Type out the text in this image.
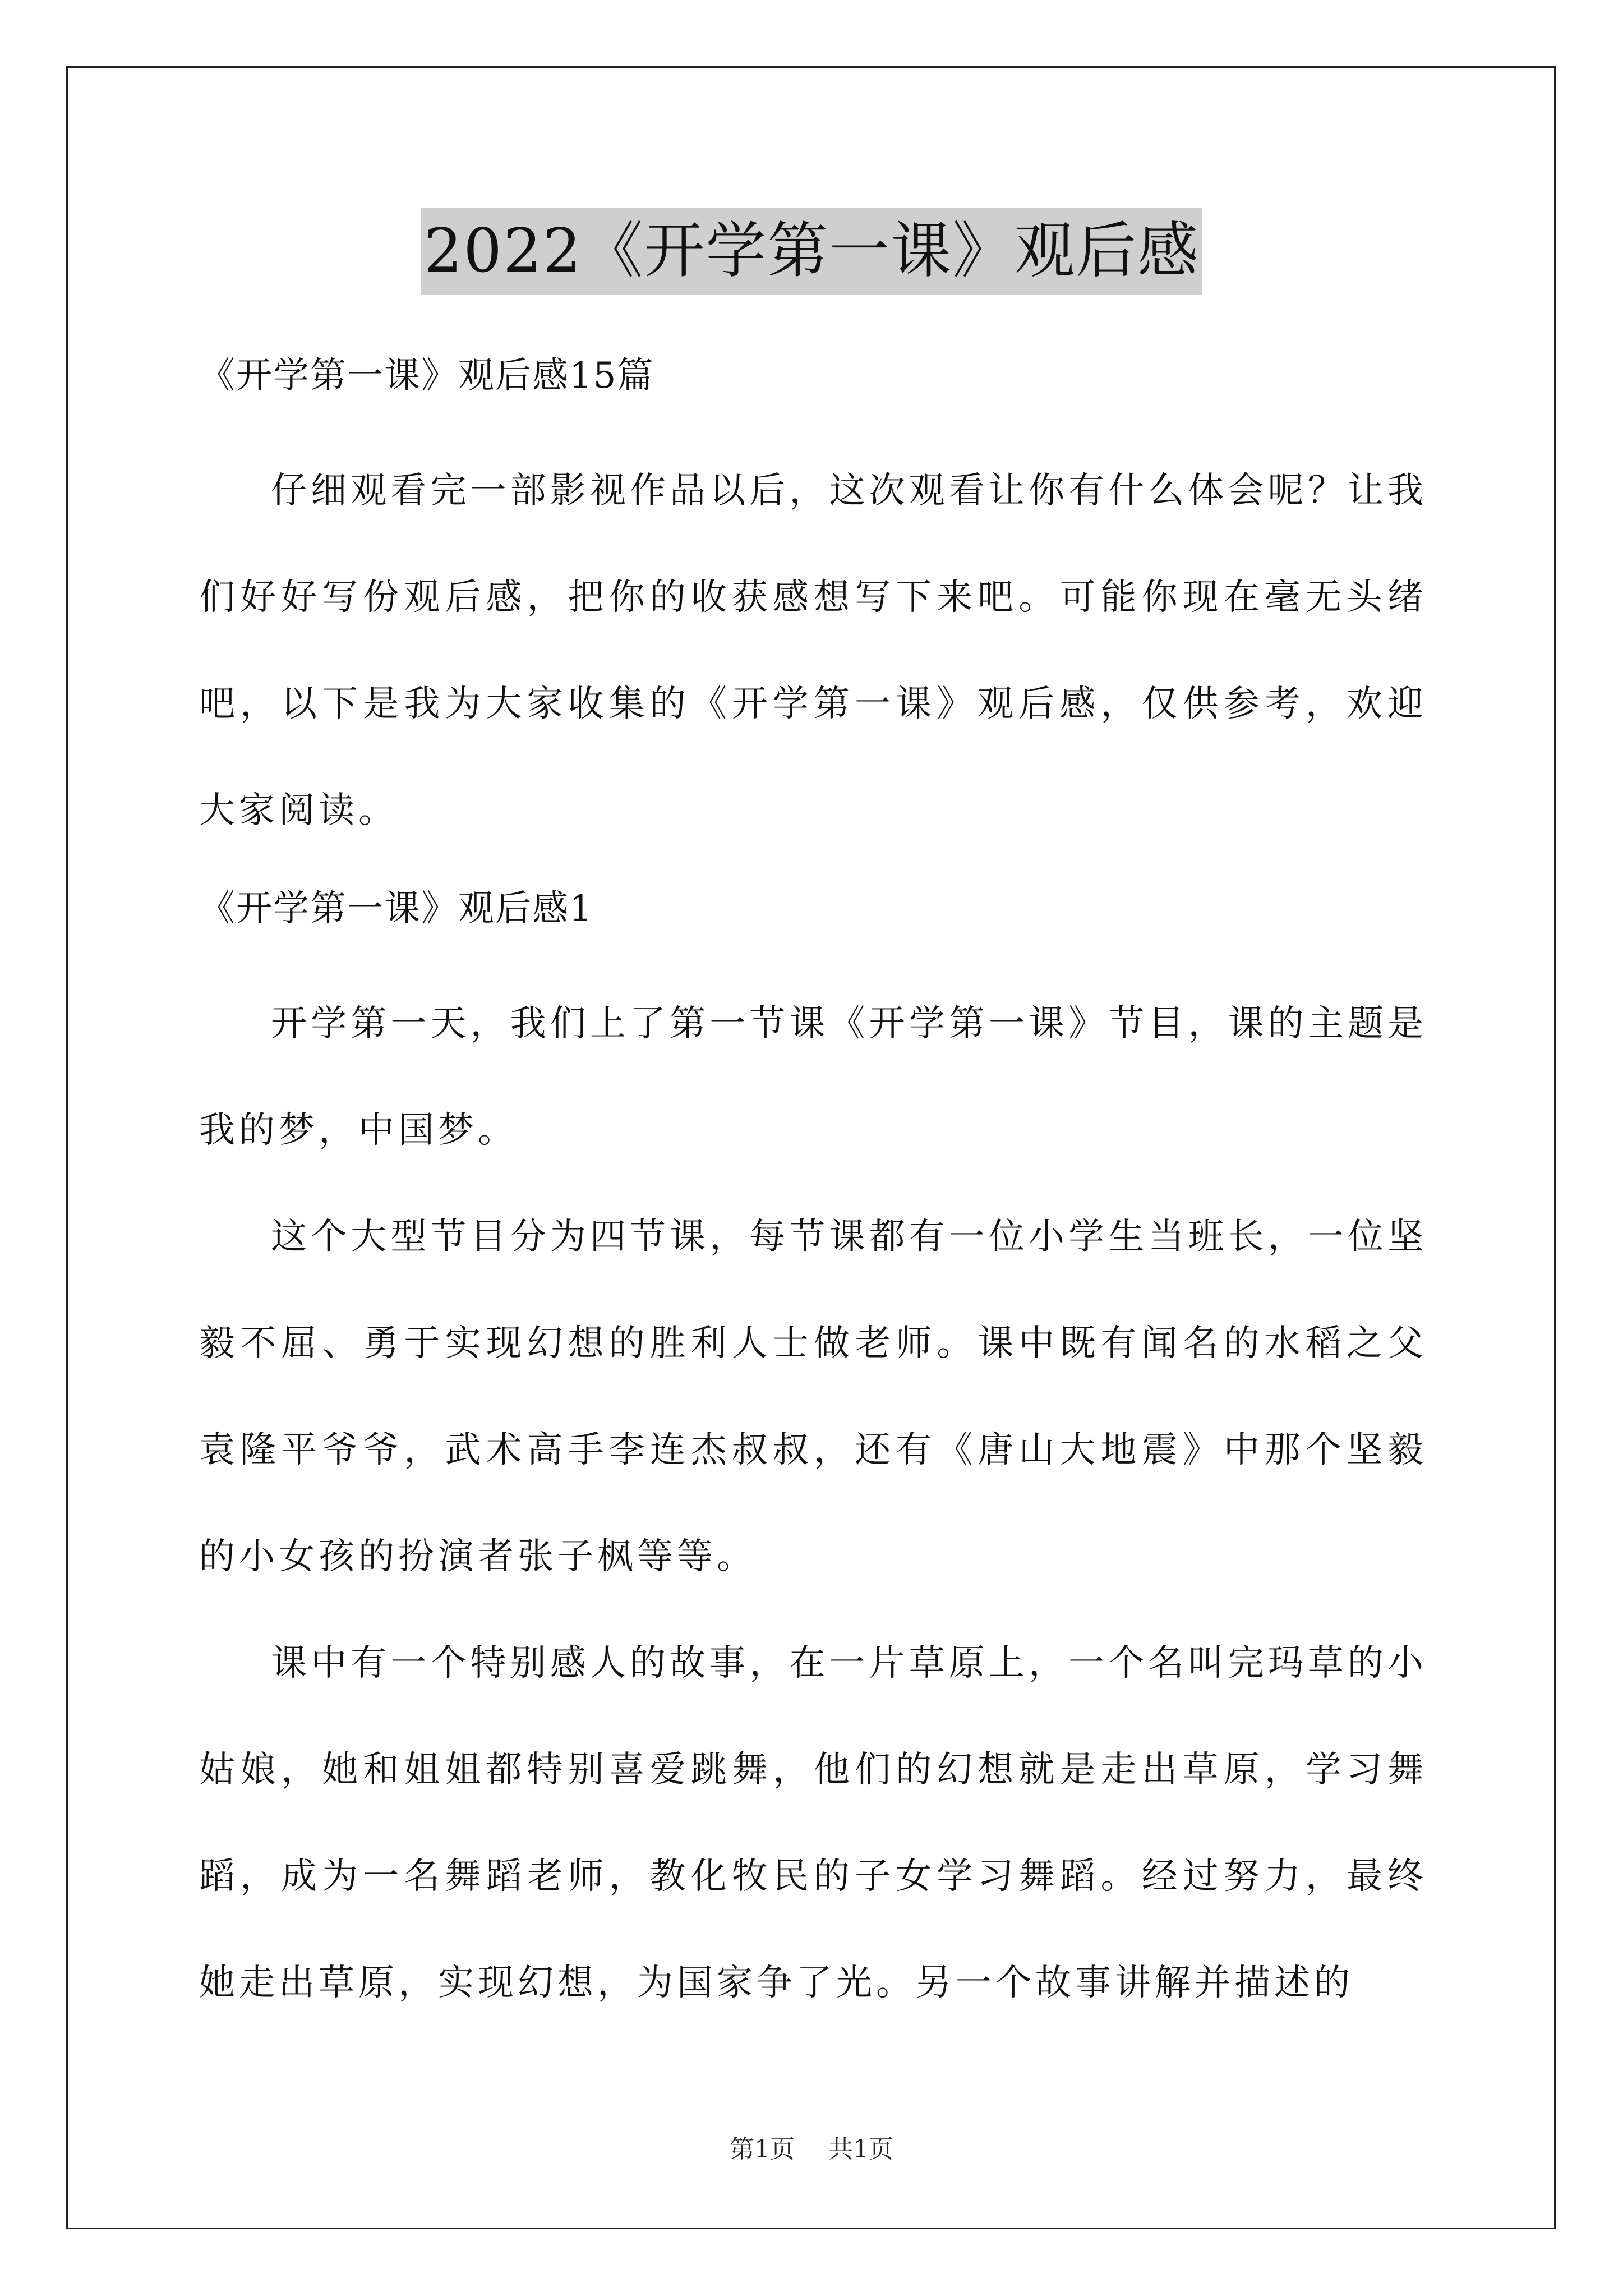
2022《开学第一课》观后感

《开学第一课》观后感15篇

仔细观看完一部影视作品以后，这次观看让你有什么体会呢？让我们好好写份观后感，把你的收获感想写下来吧。可能你现在毫无头绪吧，以下是我为大家收集的《开学第一课》观后感，仅供参考，欢迎大家阅读。

《开学第一课》观后感1

开学第一天，我们上了第一节课《开学第一课》节目，课的主题是我的梦，中国梦。

这个大型节目分为四节课，每节课都有一位小学生当班长，一位坚毅不屈、勇于实现幻想的胜利人士做老师。课中既有闻名的水稻之父袁隆平爷爷，武术高手李连杰叔叔，还有《唐山大地震》中那个坚毅的小女孩的扮演者张子枫等等。

课中有一个特别感人的故事，在一片草原上，一个名叫完玛草的小姑娘，她和姐姐都特别喜爱跳舞，他们的幻想就是走出草原，学习舞蹈，成为一名舞蹈老师，教化牧民的子女学习舞蹈。经过努力，最终她走出草原，实现幻想，为国家争了光。另一个故事讲解并描述的

第1页 共1页
